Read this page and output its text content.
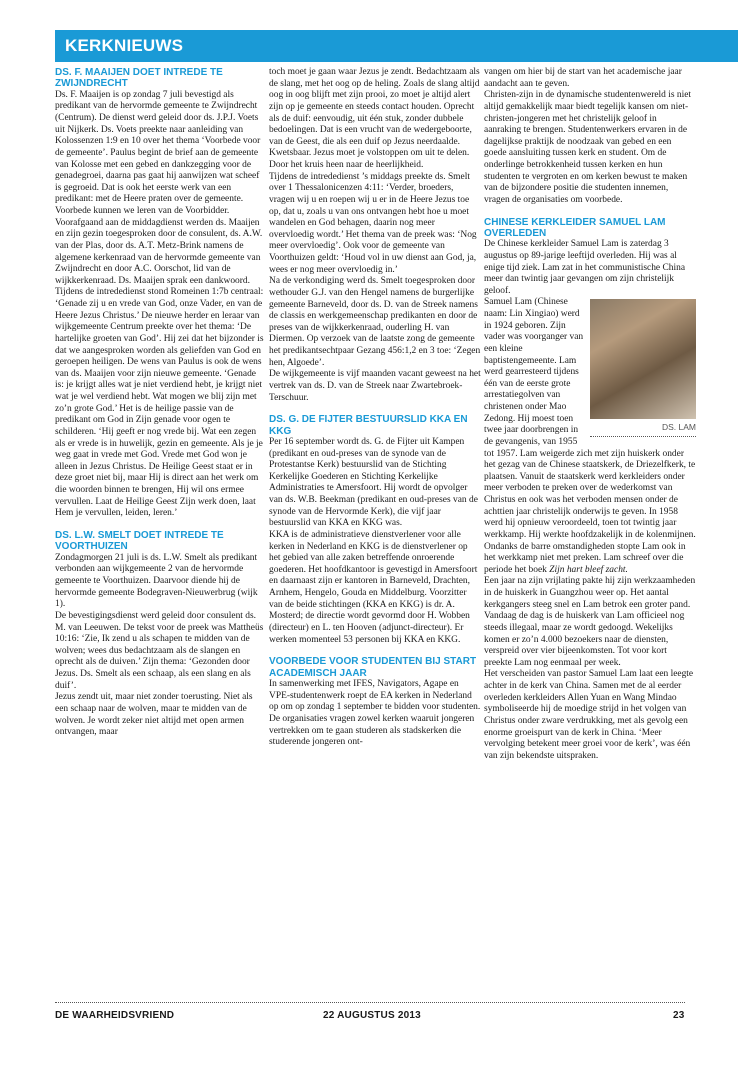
KERKNIEUWS
DS. F. MAAIJEN DOET INTREDE TE ZWIJNDRECHT

Ds. F. Maaijen is op zondag 7 juli bevestigd als predikant van de hervormde gemeente te Zwijndrecht (Centrum). De dienst werd geleid door ds. J.P.J. Voets uit Nijkerk. Ds. Voets preekte naar aanleiding van Kolossenzen 1:9 en 10 over het thema ‘Voorbede voor de gemeente’. Paulus begint de brief aan de gemeente van Kolosse met een gebed en dankzegging voor de genadegroei, daarna pas gaat hij aanwijzen wat scheef is gegroeid. Dat is ook het eerste werk van een predikant: met de Heere praten over de gemeente. Voorbede kunnen we leren van de Voorbidder.

Voorafgaand aan de middagdienst werden ds. Maaijen en zijn gezin toegesproken door de consulent, ds. A.W. van der Plas, door ds. A.T. Metz-Brink namens de algemene kerkenraad van de hervormde gemeente van Zwijndrecht en door A.C. Oorschot, lid van de wijkkerkenraad. Ds. Maaijen sprak een dankwoord.

Tijdens de intrededienst stond Romeinen 1:7b centraal: ‘Genade zij u en vrede van God, onze Vader, en van de Heere Jezus Christus.’ De nieuwe herder en leraar van wijkgemeente Centrum preekte over het thema: ‘De hartelijke groeten van God’. Hij zei dat het bijzonder is dat we aangesproken worden als geliefden van God en geroepen heiligen. De wens van Paulus is ook de wens van ds. Maaijen voor zijn nieuwe gemeente. ‘Genade is: je krijgt alles wat je niet verdiend hebt, je krijgt niet wat je wel verdiend hebt. Wat mogen we blij zijn met zo’n grote God.’ Het is de heilige passie van de predikant om God in Zijn genade voor ogen te schilderen. ‘Hij geeft er nog vrede bij. Wat een zegen als er vrede is in huwelijk, gezin en gemeente. Als je je weg gaat in vrede met God. Vrede met God won je alleen in Jezus Christus. De Heilige Geest staat er in deze groet niet bij, maar Hij is direct aan het werk om die woorden binnen te brengen, Hij wil ons ermee vervullen. Laat de Heilige Geest Zijn werk doen, laat Hem je vervullen, leiden, leren.’

DS. L.W. SMELT DOET INTREDE TE VOORTHUIZEN

Zondagmorgen 21 juli is ds. L.W. Smelt als predikant verbonden aan wijkgemeente 2 van de hervormde gemeente te Voorthuizen. Daarvoor diende hij de hervormde gemeente Bodegraven-Nieuwerbrug (wijk 1).

De bevestigingsdienst werd geleid door consulent ds. M. van Leeuwen. De tekst voor de preek was Mattheüs 10:16: ‘Zie, Ik zend u als schapen te midden van de wolven; wees dus bedachtzaam als de slangen en oprecht als de duiven.’ Zijn thema: ‘Gezonden door Jezus. Ds. Smelt als een schaap, als een slang en als duif’.

Jezus zendt uit, maar niet zonder toerusting. Niet als een schaap naar de wolven, maar te midden van de wolven. Je wordt zeker niet altijd met open armen ontvangen, maar

toch moet je gaan waar Jezus je zendt. Bedachtzaam als de slang, met het oog op de heling. Zoals de slang altijd oog in oog blijft met zijn prooi, zo moet je altijd alert zijn op je gemeente en steeds contact houden. Oprecht als de duif: eenvoudig, uit één stuk, zonder dubbele bedoelingen. Dat is een vrucht van de wedergeboorte, van de Geest, die als een duif op Jezus neerdaalde. Kwetsbaar. Jezus moet je volstoppen om uit te delen. Door het kruis heen naar de heerlijkheid.

Tijdens de intrededienst ’s middags preekte ds. Smelt over 1 Thessalonicenzen 4:11: ‘Verder, broeders, vragen wij u en roepen wij u er in de Heere Jezus toe op, dat u, zoals u van ons ontvangen hebt hoe u moet wandelen en God behagen, daarin nog meer overvloedig wordt.’ Het thema van de preek was: ‘Nog meer overvloedig’. Ook voor de gemeente van Voorthuizen geldt: ‘Houd vol in uw dienst aan God, ja, wees er nog meer overvloedig in.’

Na de verkondiging werd ds. Smelt toegesproken door wethouder G.J. van den Hengel namens de burgerlijke gemeente Barneveld, door ds. D. van de Streek namens de classis en werkgemeenschap predikanten en door de preses van de wijkkerkenraad, ouderling H. van Diermen. Op verzoek van de laatste zong de gemeente het predikantsechtpaar Gezang 456:1,2 en 3 toe: ‘Zegen hen, Algoede’.

De wijkgemeente is vijf maanden vacant geweest na het vertrek van ds. D. van de Streek naar Zwartebroek-Terschuur.

DS. G. DE FIJTER BESTUURSLID KKA EN KKG

Per 16 september wordt ds. G. de Fijter uit Kampen (predikant en oud-preses van de synode van de Protestantse Kerk) bestuurslid van de Stichting Kerkelijke Goederen en Stichting Kerkelijke Administraties te Amersfoort. Hij wordt de opvolger van ds. W.B. Beekman (predikant en oud-preses van de synode van de Hervormde Kerk), die vijf jaar bestuurslid van KKA en KKG was.

KKA is de administratieve dienstverlener voor alle kerken in Nederland en KKG is de dienstverlener op het gebied van alle zaken betreffende onroerende goederen. Het hoofdkantoor is gevestigd in Amersfoort en daarnaast zijn er kantoren in Barneveld, Drachten, Arnhem, Hengelo, Gouda en Middelburg. Voorzitter van de beide stichtingen (KKA en KKG) is dr. A. Mosterd; de directie wordt gevormd door H. Wobben (directeur) en L. ten Hooven (adjunct-directeur). Er werken momenteel 53 personen bij KKA en KKG.

VOORBEDE VOOR STUDENTEN BIJ START ACADEMISCH JAAR

In samenwerking met IFES, Navigators, Agape en VPE-studentenwerk roept de EA kerken in Nederland op om op zondag 1 september te bidden voor studenten. De organisaties vragen zowel kerken waaruit jongeren vertrekken om te gaan studeren als stadskerken die studerende jongeren ont-

vangen om hier bij de start van het academische jaar aandacht aan te geven.

Christen-zijn in de dynamische studentenwereld is niet altijd gemakkelijk maar biedt tegelijk kansen om niet-christen-jongeren met het christelijk geloof in aanraking te brengen. Studentenwerkers ervaren in de dagelijkse praktijk de noodzaak van gebed en een goede aansluiting tussen kerk en student. Om de onderlinge betrokkenheid tussen kerken en hun studenten te vergroten en om kerken bewust te maken van de bijzondere positie die studenten innemen, vragen de organisaties om voorbede.

CHINESE KERKLEIDER SAMUEL LAM OVERLEDEN

De Chinese kerkleider Samuel Lam is zaterdag 3 augustus op 89-jarige leeftijd overleden. Hij was al enige tijd ziek. Lam zat in het communistische China meer dan twintig jaar gevangen om zijn christelijk geloof.

DS. LAM

Samuel Lam (Chinese naam: Lin Xingiao) werd in 1924 geboren. Zijn vader was voorganger van een kleine baptistengemeente. Lam werd gearresteerd tijdens één van de eerste grote arrestatiegolven van christenen onder Mao Zedong. Hij moest toen twee jaar doorbrengen in de gevangenis, van 1955 tot 1957. Lam weigerde zich met zijn huiskerk onder het gezag van de Chinese staatskerk, de Driezelfkerk, te plaatsen. Vanuit de staatskerk werd kerkleiders onder meer verboden te preken over de wederkomst van Christus en ook was het verboden mensen onder de achttien jaar christelijk onderwijs te geven. In 1958 werd hij opnieuw veroordeeld, toen tot twintig jaar werkkamp. Hij werkte hoofdzakelijk in de kolenmijnen. Ondanks de barre omstandigheden stopte Lam ook in het werkkamp niet met preken. Lam schreef over die periode het boek Zijn hart bleef zacht.

Een jaar na zijn vrijlating pakte hij zijn werkzaamheden in de huiskerk in Guangzhou weer op. Het aantal kerkgangers steeg snel en Lam betrok een groter pand. Vandaag de dag is de huiskerk van Lam officieel nog steeds illegaal, maar ze wordt gedoogd. Wekelijks komen er zo’n 4.000 bezoekers naar de diensten, verspreid over vier bijeenkomsten. Tot voor kort preekte Lam nog eenmaal per week.

Het verscheiden van pastor Samuel Lam laat een leegte achter in de kerk van China. Samen met de al eerder overleden kerkleiders Allen Yuan en Wang Mindao symboliseerde hij de moedige strijd in het volgen van Christus onder zware verdrukking, met als gevolg een enorme groeispurt van de kerk in China. ‘Meer vervolging betekent meer groei voor de kerk’, was één van zijn bekendste uitspraken.

DE WAARHEIDSVRIEND	22 AUGUSTUS 2013	23
